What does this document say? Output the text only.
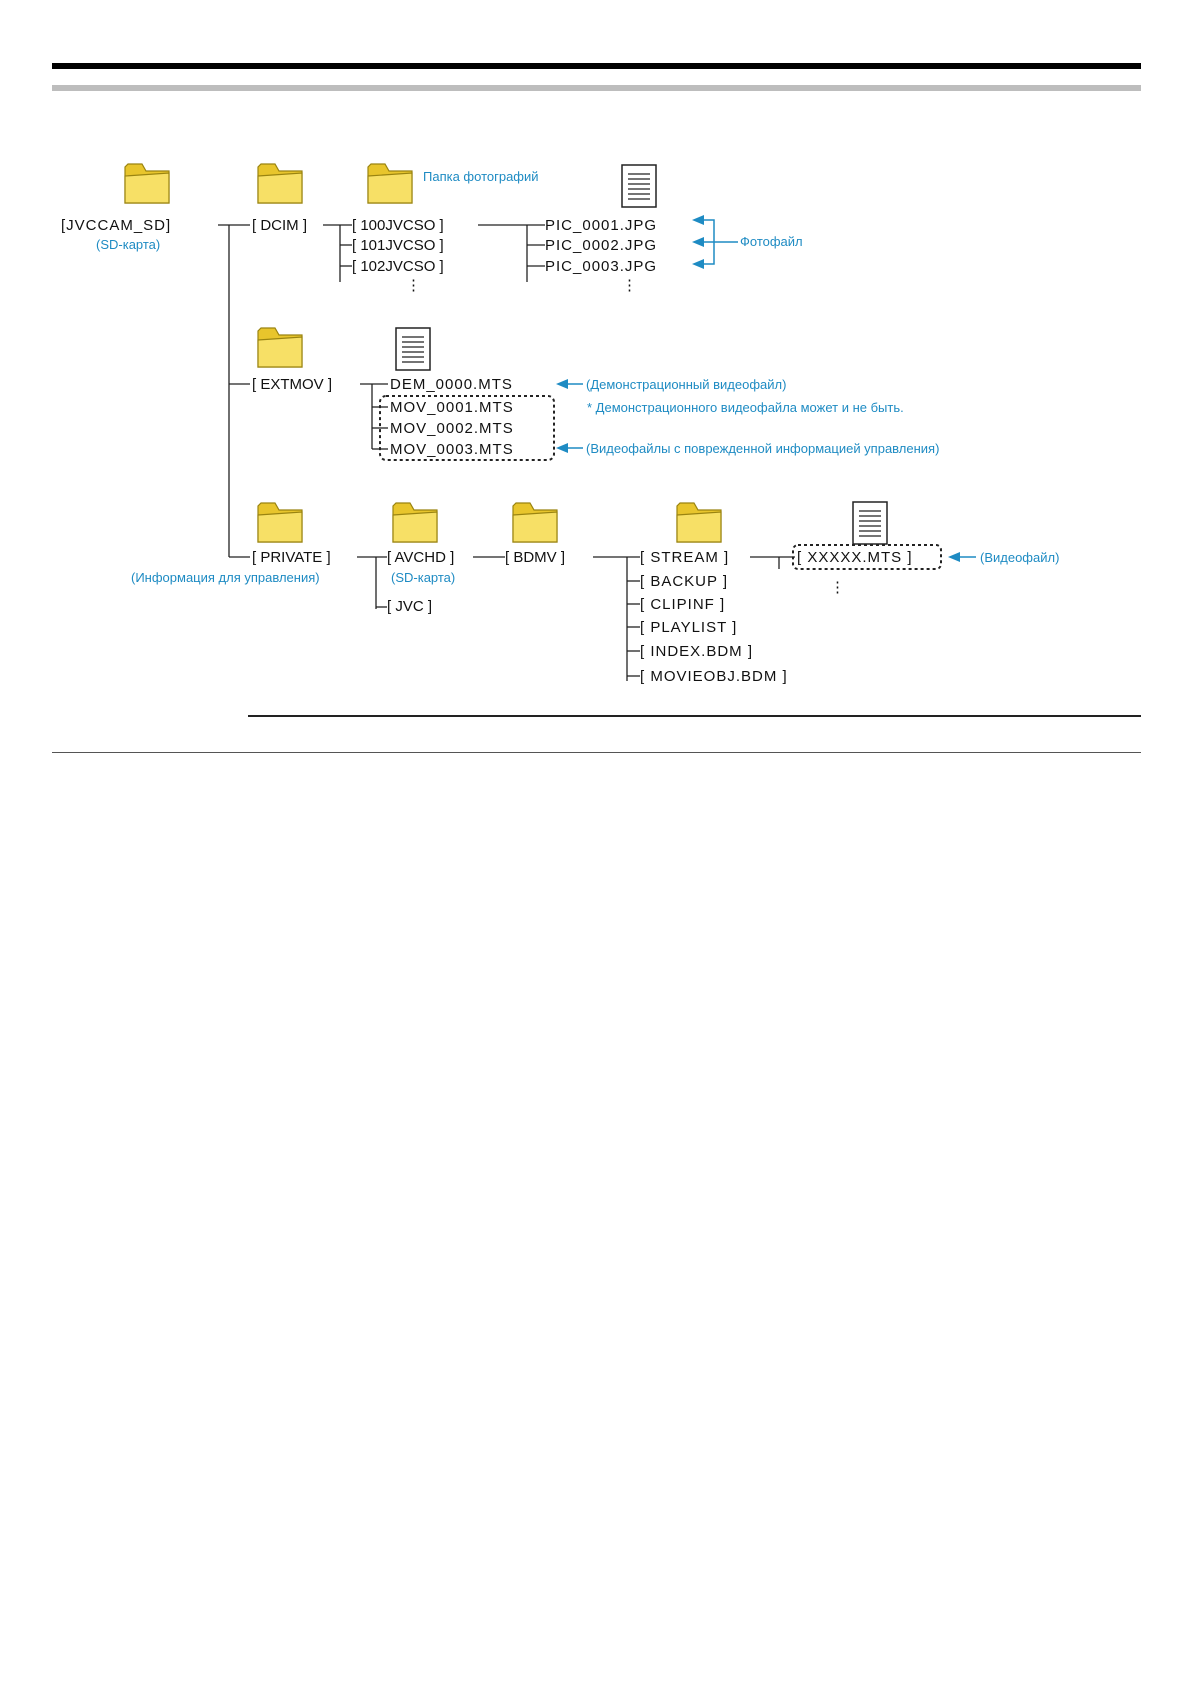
[JVCCAM_SD]
(SD-карта)
[ DCIM ]	[ 100JVCSO ]
[ 101JVCSO ]
[ 102JVCSO ]
⋮
Папка фотографий
PIC_0001.JPG
PIC_0002.JPG
PIC_0003.JPG
⋮
Фотофайл
[ EXTMOV ]	DEM_0000.MTS
MOV_0001.MTS
MOV_0002.MTS
MOV_0003.MTS
(Демонстрационный видеофайл)
* Демонстрационного видеофайла может и не быть.
(Видеофайлы с поврежденной информацией управления)
[ PRIVATE ]
(Информация для управления)
[ AVCHD ]
(SD-карта)
[ JVC ]
[ BDMV ]	[ STREAM ]
[ BACKUP ]
[ CLIPINF ]
[ PLAYLIST ]
[ INDEX.BDM ]
[ MOVIEOBJ.BDM ]
[ XXXXX.MTS ]
⋮
(Видеофайл)
